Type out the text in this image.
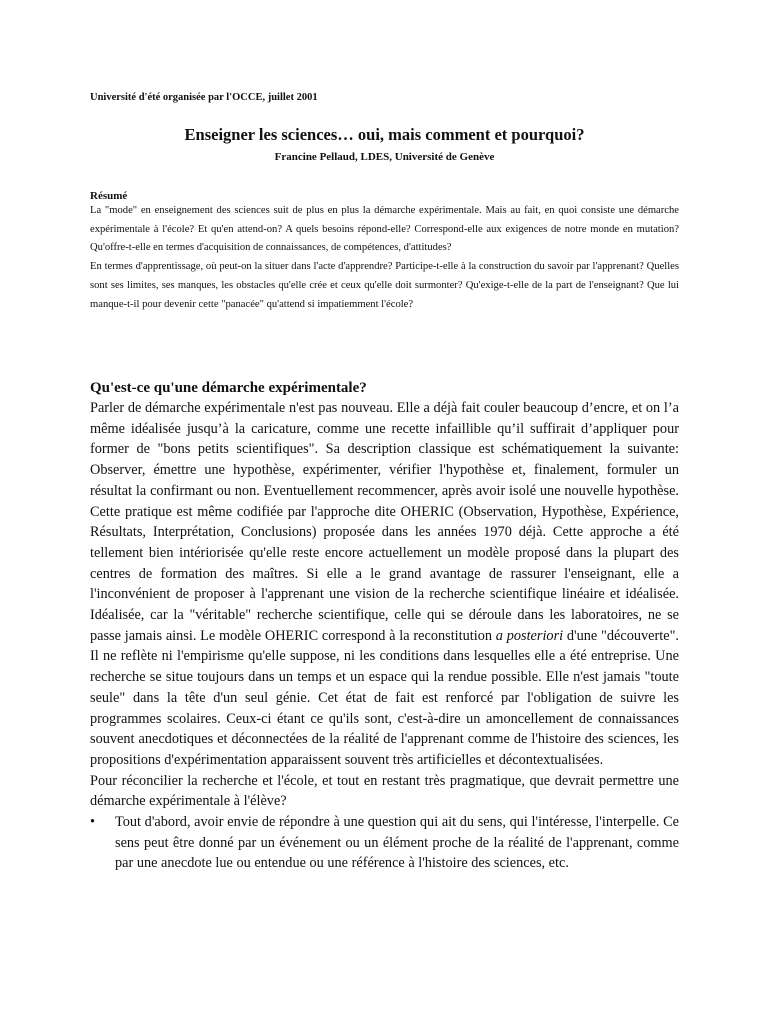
Université d'été organisée par l'OCCE, juillet 2001
Enseigner les sciences… oui, mais comment et pourquoi?
Francine Pellaud, LDES, Université de Genève
Résumé

La "mode" en enseignement des sciences suit de plus en plus la démarche expérimentale. Mais au fait, en quoi consiste une démarche expérimentale à l'école? Et qu'en attend-on? A quels besoins répond-elle? Correspond-elle aux exigences de notre monde en mutation? Qu'offre-t-elle en termes d'acquisition de connaissances, de compétences, d'attitudes?

En termes d'apprentissage, où peut-on la situer dans l'acte d'apprendre? Participe-t-elle à la construction du savoir par l'apprenant? Quelles sont ses limites, ses manques, les obstacles qu'elle crée et ceux qu'elle doit surmonter? Qu'exige-t-elle de la part de l'enseignant? Que lui manque-t-il pour devenir cette "panacée" qu'attend si impatiemment l'école?

Qu'est-ce qu'une démarche expérimentale?

Parler de démarche expérimentale n'est pas nouveau. Elle a déjà fait couler beaucoup d’encre, et on l’a même idéalisée jusqu’à la caricature, comme une recette infaillible qu’il suffirait d’appliquer pour former de "bons petits scientifiques". Sa description classique est schématiquement la suivante: Observer, émettre une hypothèse, expérimenter, vérifier l'hypothèse et, finalement, formuler un résultat la confirmant ou non. Eventuellement recommencer, après avoir isolé une nouvelle hypothèse. Cette pratique est même codifiée par l'approche dite OHERIC (Observation, Hypothèse, Expérience, Résultats, Interprétation, Conclusions) proposée dans les années 1970 déjà. Cette approche a été tellement bien intériorisée qu'elle reste encore actuellement un modèle proposé dans la plupart des centres de formation des maîtres. Si elle a le grand avantage de rassurer l'enseignant, elle a l'inconvénient de proposer à l'apprenant une vision de la recherche scientifique linéaire et idéalisée. Idéalisée, car la "véritable" recherche scientifique, celle qui se déroule dans les laboratoires, ne se passe jamais ainsi. Le modèle OHERIC correspond à la reconstitution a posteriori d'une "découverte". Il ne reflète ni l'empirisme qu'elle suppose, ni les conditions dans lesquelles elle a été entreprise. Une recherche se situe toujours dans un temps et un espace qui la rendue possible. Elle n'est jamais "toute seule" dans la tête d'un seul génie. Cet état de fait est renforcé par l'obligation de suivre les programmes scolaires. Ceux-ci étant ce qu'ils sont, c'est-à-dire un amoncellement de connaissances souvent anecdotiques et déconnectées de la réalité de l'apprenant comme de l'histoire des sciences, les propositions d'expérimentation apparaissent souvent très artificielles et décontextualisées.

Pour réconcilier la recherche et l'école, et tout en restant très pragmatique, que devrait permettre une démarche expérimentale à l'élève?

• Tout d'abord, avoir envie de répondre à une question qui ait du sens, qui l'intéresse, l'interpelle. Ce sens peut être donné par un événement ou un élément proche de la réalité de l'apprenant, comme par une anecdote lue ou entendue ou une référence à l'histoire des sciences, etc.
